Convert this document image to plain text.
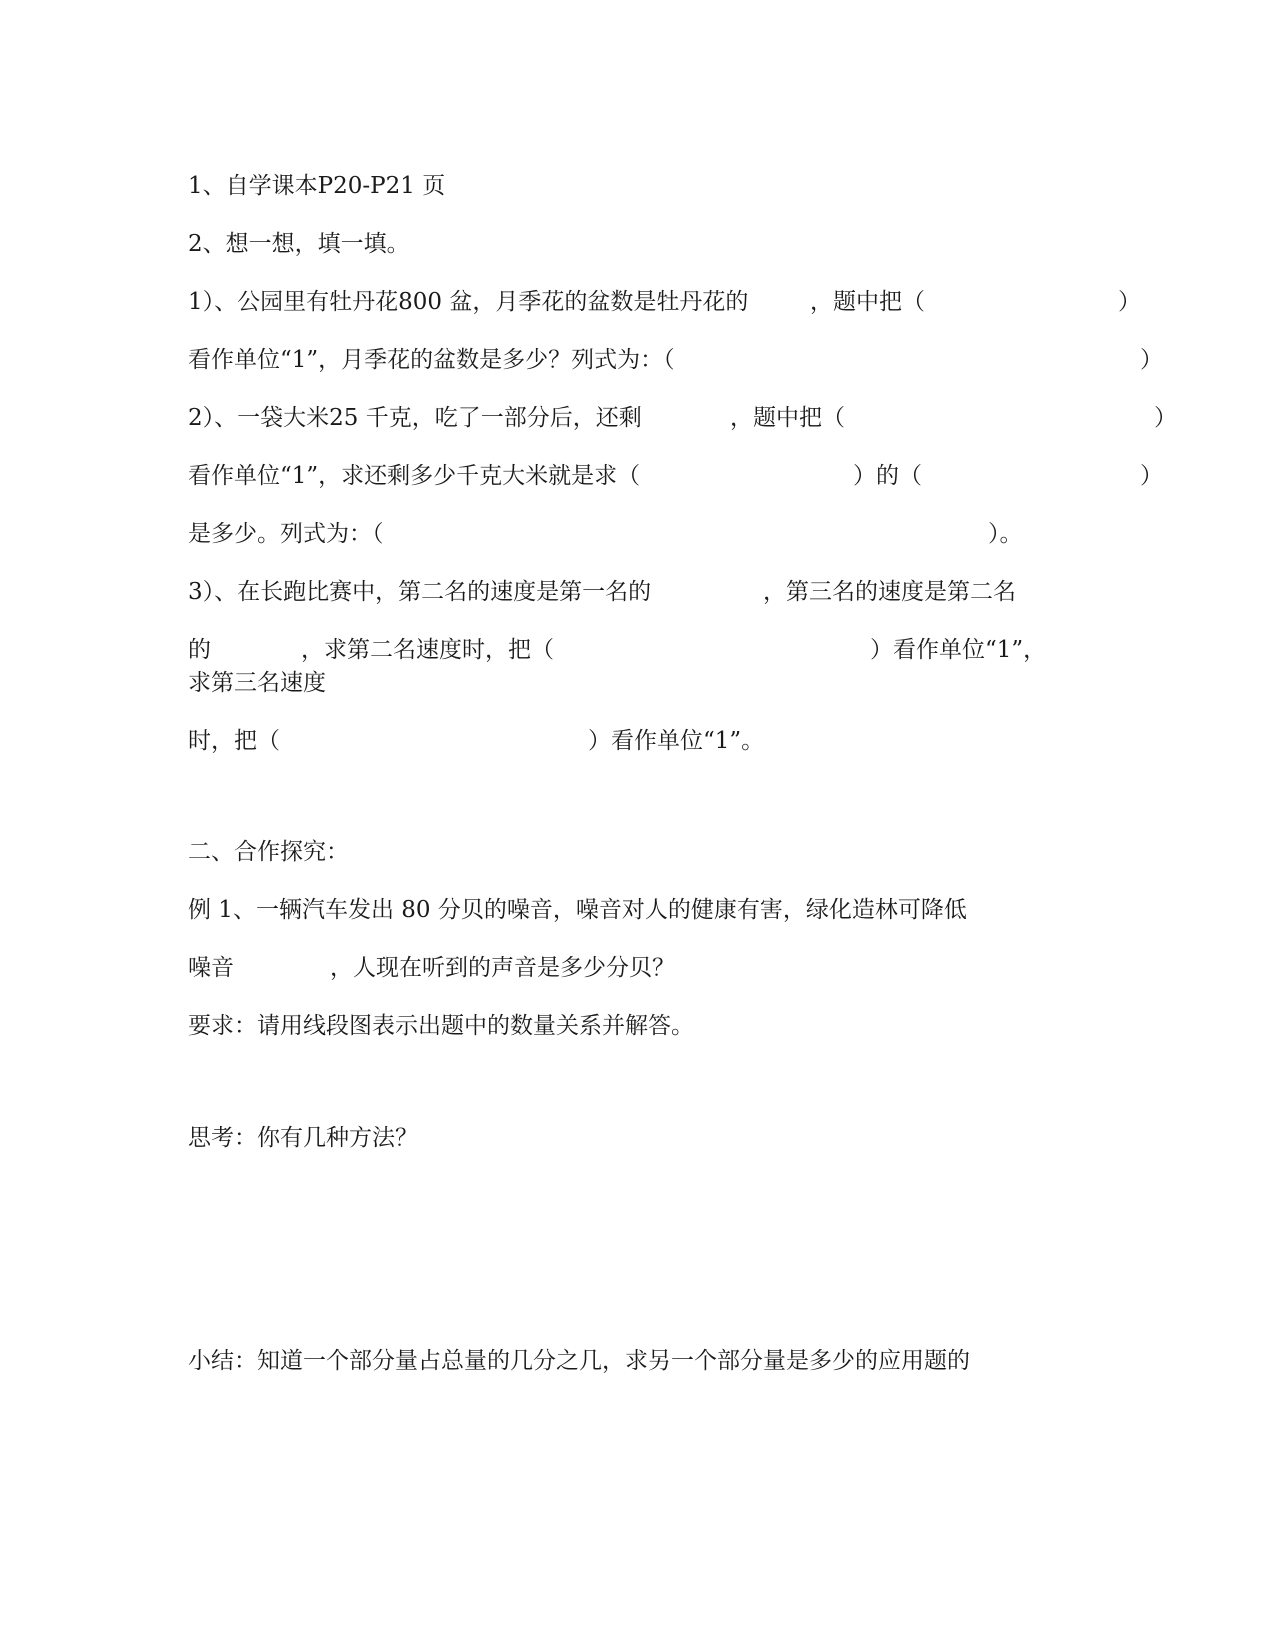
1、自学课本P20-P21 页

2、想一想，填一填。

1）、公园里有牡丹花800 盆，月季花的盆数是牡丹花的	，题中把（	）
看作单位“1”，月季花的盆数是多少？列式为：（	）
2）、一袋大米25 千克，吃了一部分后，还剩	，题中把（	）
看作单位“1”，求还剩多少千克大米就是求（	）的（	）
是多少。列式为：（	）。
3）、在长跑比赛中，第二名的速度是第一名的	，第三名的速度是第二名
的	，求第二名速度时，把（	）看作单位“1”，

求第三名速度

时，把（	）看作单位“1”。

二、合作探究：

例 1、一辆汽车发出 80 分贝的噪音，噪音对人的健康有害，绿化造林可降低

噪音	，人现在听到的声音是多少分贝？

要求：请用线段图表示出题中的数量关系并解答。

思考：你有几种方法？

小结：知道一个部分量占总量的几分之几，求另一个部分量是多少的应用题的
